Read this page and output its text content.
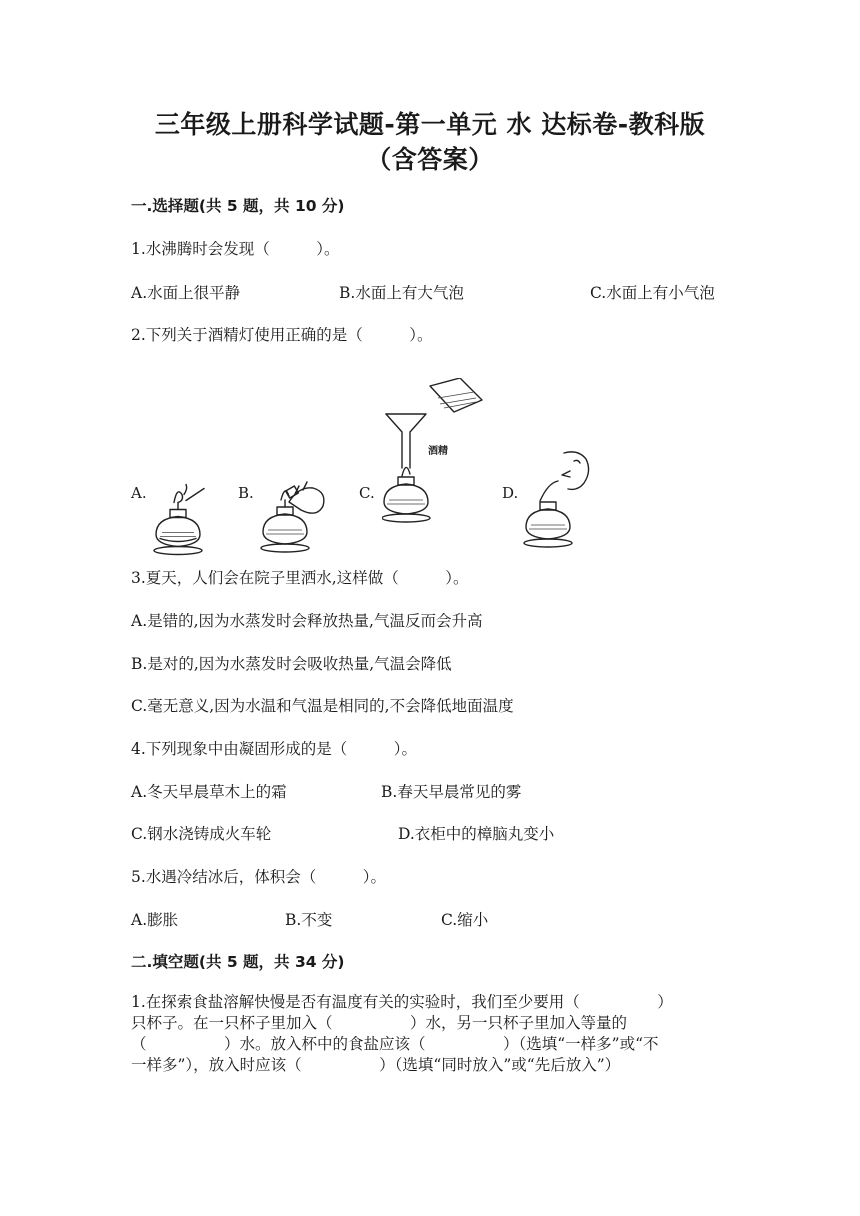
三年级上册科学试题-第一单元 水 达标卷-教科版
（含答案）
一.选择题(共 5 题，共 10 分)
1.水沸腾时会发现（　　　）。
A.水面上很平静	B.水面上有大气泡	C.水面上有小气泡
2.下列关于酒精灯使用正确的是（　　　）。
A.	B.	C.	D.
酒精
3.夏天，人们会在院子里洒水,这样做（　　　）。
A.是错的,因为水蒸发时会释放热量,气温反而会升高
B.是对的,因为水蒸发时会吸收热量,气温会降低
C.毫无意义,因为水温和气温是相同的,不会降低地面温度
4.下列现象中由凝固形成的是（　　　）。
A.冬天早晨草木上的霜	B.春天早晨常见的雾
C.钢水浇铸成火车轮	D.衣柜中的樟脑丸变小
5.水遇冷结冰后，体积会（　　　）。
A.膨胀	B.不变	C.缩小
二.填空题(共 5 题，共 34 分)
1.在探索食盐溶解快慢是否有温度有关的实验时，我们至少要用（　　　　　）
只杯子。在一只杯子里加入（　　　　　）水，另一只杯子里加入等量的
（　　　　　）水。放入杯中的食盐应该（　　　　　）（选填“一样多”或“不
一样多”），放入时应该（　　　　　）（选填“同时放入”或“先后放入”）
